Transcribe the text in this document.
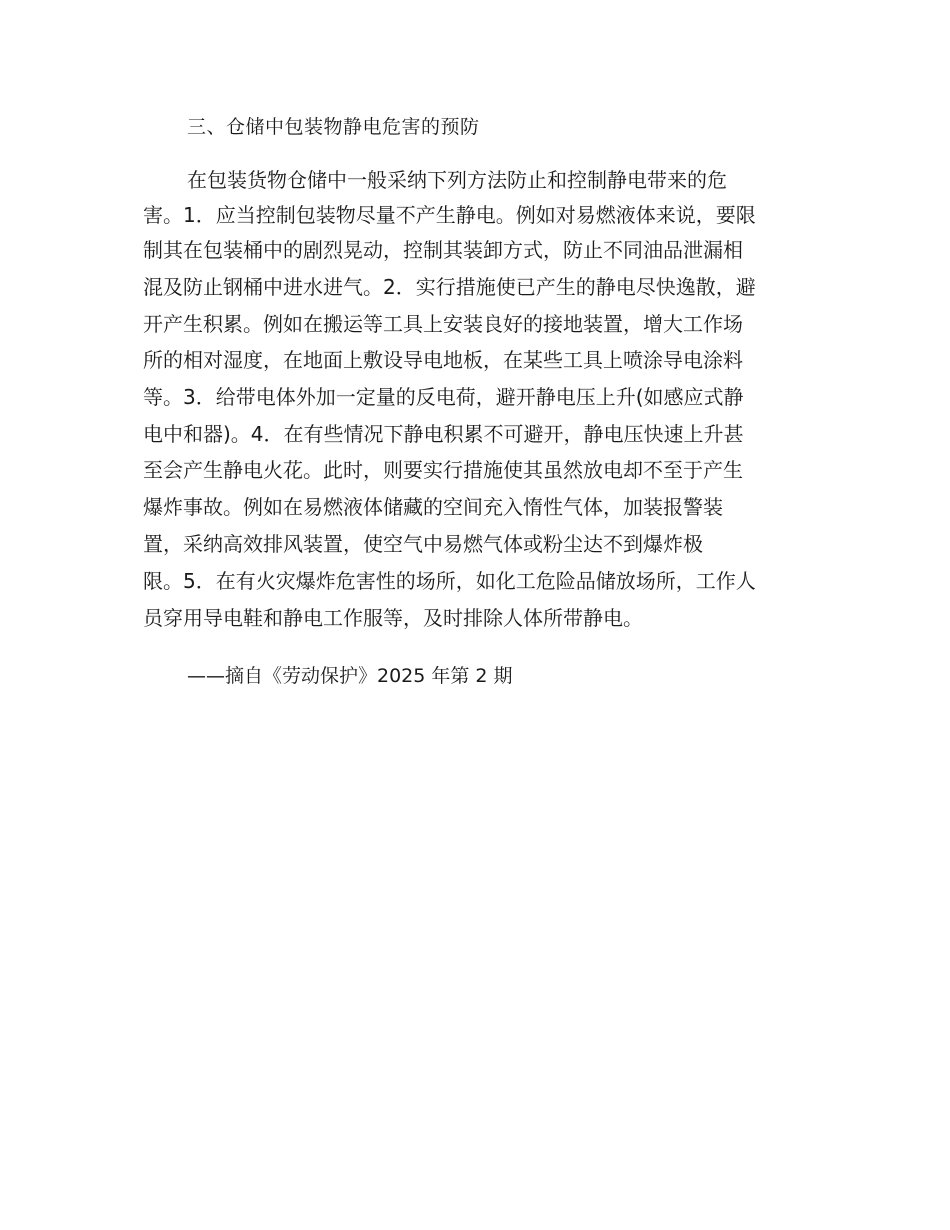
三、仓储中包装物静电危害的预防
在包装货物仓储中一般采纳下列方法防止和控制静电带来的危
害。1．应当控制包装物尽量不产生静电。例如对易燃液体来说，要限
制其在包装桶中的剧烈晃动，控制其装卸方式，防止不同油品泄漏相
混及防止钢桶中进水进气。2．实行措施使已产生的静电尽快逸散，避
开产生积累。例如在搬运等工具上安装良好的接地装置，增大工作场
所的相对湿度，在地面上敷设导电地板，在某些工具上喷涂导电涂料
等。3．给带电体外加一定量的反电荷，避开静电压上升(如感应式静
电中和器)。4．在有些情况下静电积累不可避开，静电压快速上升甚
至会产生静电火花。此时，则要实行措施使其虽然放电却不至于产生
爆炸事故。例如在易燃液体储藏的空间充入惰性气体，加装报警装
置，采纳高效排风装置，使空气中易燃气体或粉尘达不到爆炸极
限。5．在有火灾爆炸危害性的场所，如化工危险品储放场所，工作人
员穿用导电鞋和静电工作服等，及时排除人体所带静电。
——摘自《劳动保护》2025 年第 2 期
